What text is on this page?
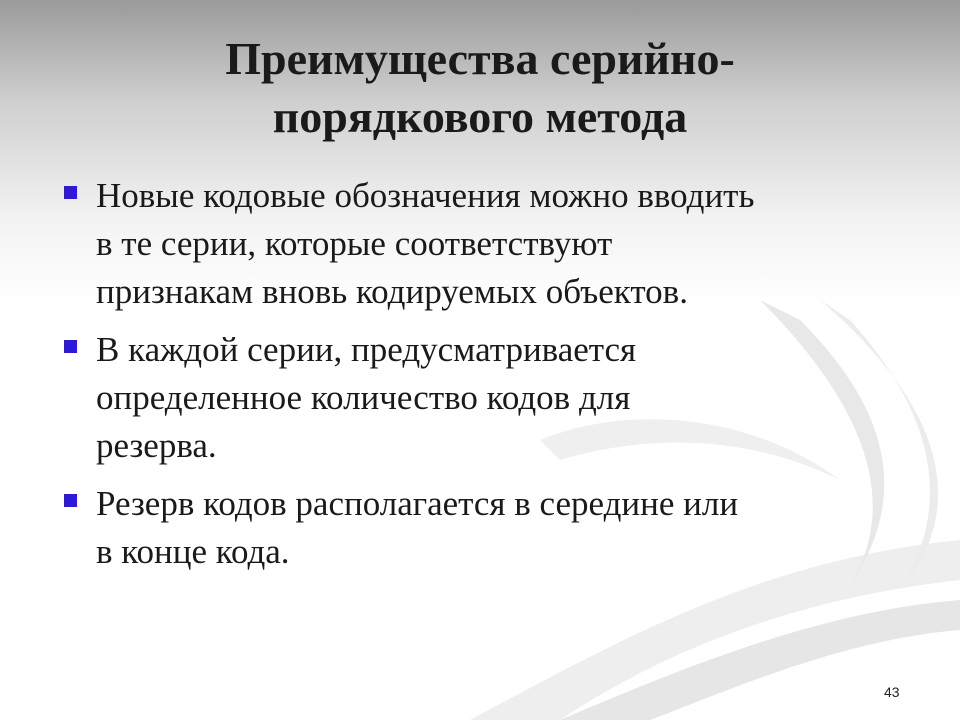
Преимущества серийно-
порядкового метода
Новые кодовые обозначения можно вводить
в те серии, которые соответствуют
признакам вновь кодируемых объектов.
В каждой серии, предусматривается
определенное количество кодов для
резерва.
Резерв кодов располагается в середине или
в конце кода.
43
